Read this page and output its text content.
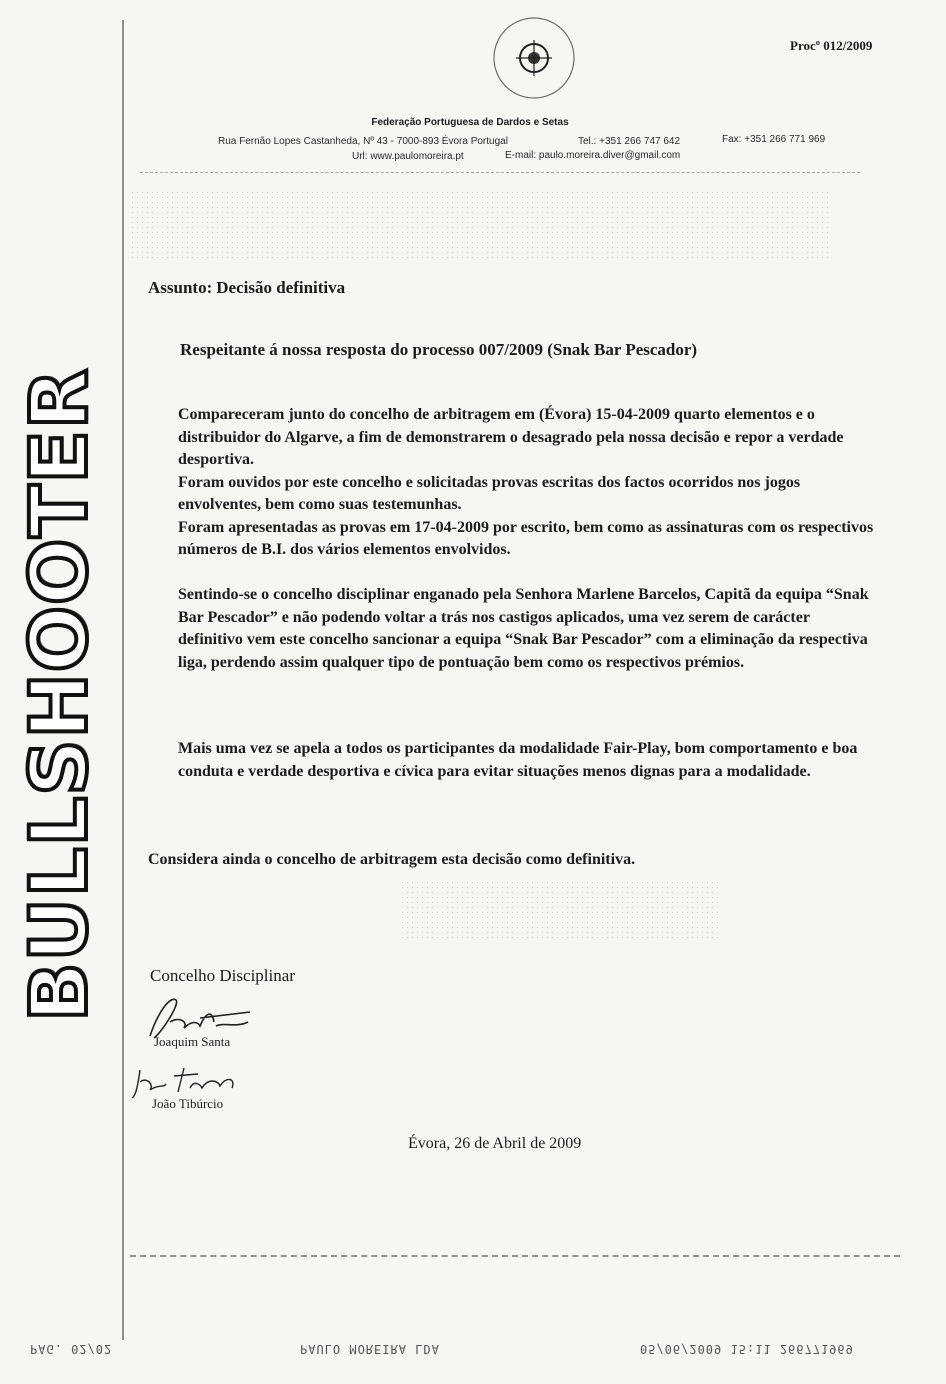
BULLSHOOTER
Procº 012/2009
Federação Portuguesa de Dardos e Setas
Rua Fernão Lopes Castanheda, Nº 43 - 7000-893 Évora Portugal	Tel.: +351 266 747 642	Fax: +351 266 771 969
Url: www.paulomoreira.pt	E-mail: paulo.moreira.diver@gmail.com
Assunto: Decisão definitiva
Respeitante á nossa resposta do processo 007/2009 (Snak Bar Pescador)
Compareceram junto do concelho de arbitragem em (Évora) 15-04-2009 quarto elementos e o distribuidor do Algarve, a fim de demonstrarem o desagrado pela nossa decisão e repor a verdade desportiva.
Foram ouvidos por este concelho e solicitadas provas escritas dos factos ocorridos nos jogos envolventes, bem como suas testemunhas.
Foram apresentadas as provas em 17-04-2009 por escrito, bem como as assinaturas com os respectivos números de B.I. dos vários elementos envolvidos.
Sentindo-se o concelho disciplinar enganado pela Senhora Marlene Barcelos, Capitã da equipa “Snak Bar Pescador” e não podendo voltar a trás nos castigos aplicados, uma vez serem de carácter definitivo vem este concelho sancionar a equipa “Snak Bar Pescador” com a eliminação da respectiva liga, perdendo assim qualquer tipo de pontuação bem como os respectivos prémios.
Mais uma vez se apela a todos os participantes da modalidade Fair-Play, bom comportamento e boa conduta e verdade desportiva e cívica para evitar situações menos dignas para a modalidade.
Considera ainda o concelho de arbitragem esta decisão como definitiva.
Concelho Disciplinar
Joaquim Santa
João Tibúrcio
Évora, 26 de Abril de 2009
PAG. 02/02	PAULO MOREIRA LDA	05/06/2009 15:11 266771969
